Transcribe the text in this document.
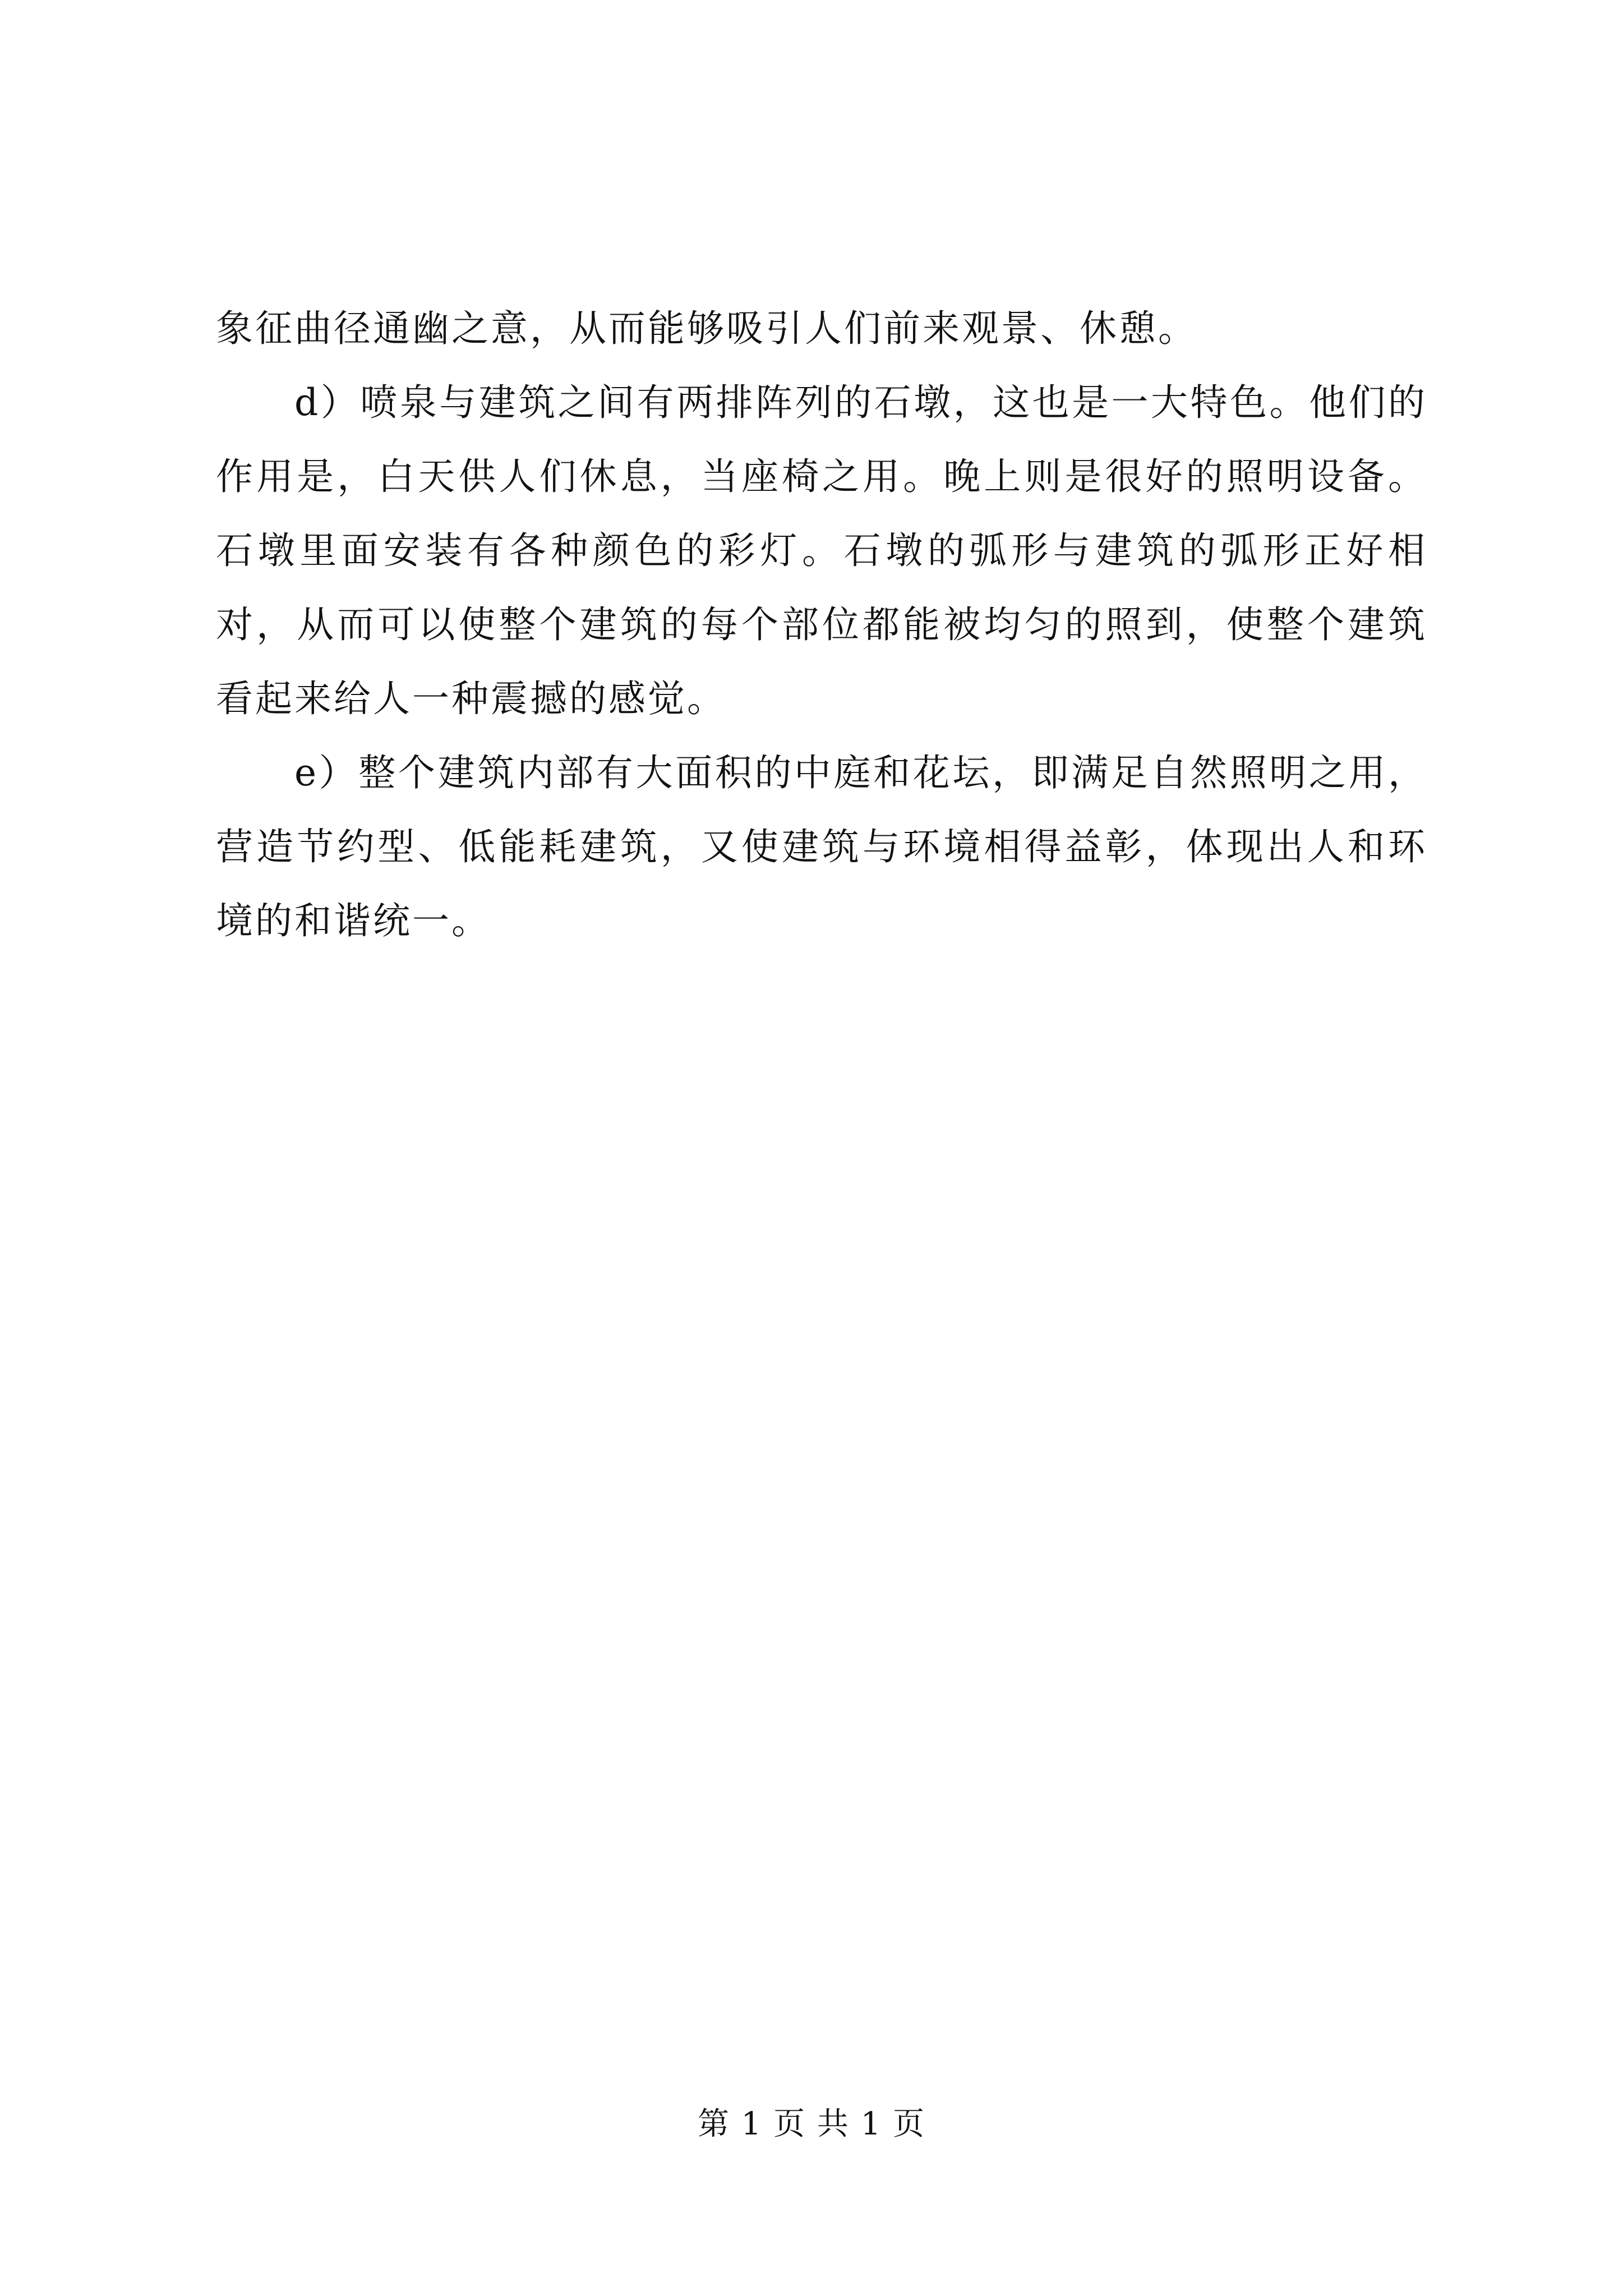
象征曲径通幽之意，从而能够吸引人们前来观景、休憩。

d）喷泉与建筑之间有两排阵列的石墩，这也是一大特色。他们的作用是，白天供人们休息，当座椅之用。晚上则是很好的照明设备。石墩里面安装有各种颜色的彩灯。石墩的弧形与建筑的弧形正好相对，从而可以使整个建筑的每个部位都能被均匀的照到，使整个建筑看起来给人一种震撼的感觉。

e）整个建筑内部有大面积的中庭和花坛，即满足自然照明之用，营造节约型、低能耗建筑，又使建筑与环境相得益彰，体现出人和环境的和谐统一。

第 1 页 共 1 页
